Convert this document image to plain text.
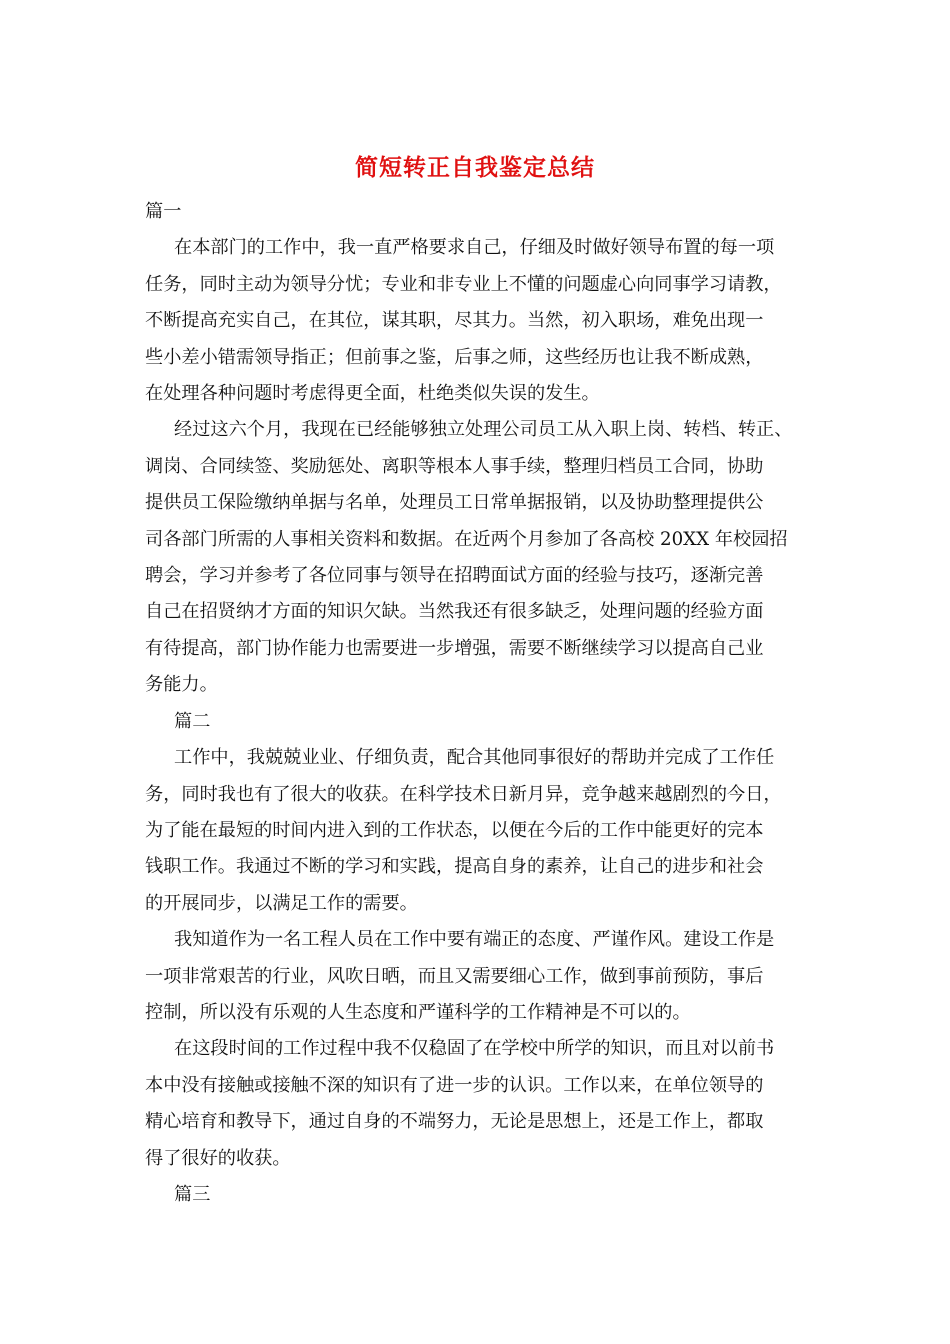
简短转正自我鉴定总结

篇一

在本部门的工作中，我一直严格要求自己，仔细及时做好领导布置的每一项
任务，同时主动为领导分忧；专业和非专业上不懂的问题虚心向同事学习请教，
不断提高充实自己，在其位，谋其职，尽其力。当然，初入职场，难免出现一
些小差小错需领导指正；但前事之鉴，后事之师，这些经历也让我不断成熟，
在处理各种问题时考虑得更全面，杜绝类似失误的发生。

经过这六个月，我现在已经能够独立处理公司员工从入职上岗、转档、转正、
调岗、合同续签、奖励惩处、离职等根本人事手续，整理归档员工合同，协助
提供员工保险缴纳单据与名单，处理员工日常单据报销，以及协助整理提供公
司各部门所需的人事相关资料和数据。在近两个月参加了各高校 20XX 年校园招
聘会，学习并参考了各位同事与领导在招聘面试方面的经验与技巧，逐渐完善
自己在招贤纳才方面的知识欠缺。当然我还有很多缺乏，处理问题的经验方面
有待提高，部门协作能力也需要进一步增强，需要不断继续学习以提高自己业
务能力。

篇二

工作中，我兢兢业业、仔细负责，配合其他同事很好的帮助并完成了工作任
务，同时我也有了很大的收获。在科学技术日新月异，竞争越来越剧烈的今日，
为了能在最短的时间内进入到的工作状态，以便在今后的工作中能更好的完本
钱职工作。我通过不断的学习和实践，提高自身的素养，让自己的进步和社会
的开展同步，以满足工作的需要。

我知道作为一名工程人员在工作中要有端正的态度、严谨作风。建设工作是
一项非常艰苦的行业，风吹日晒，而且又需要细心工作，做到事前预防，事后
控制，所以没有乐观的人生态度和严谨科学的工作精神是不可以的。

在这段时间的工作过程中我不仅稳固了在学校中所学的知识，而且对以前书
本中没有接触或接触不深的知识有了进一步的认识。工作以来，在单位领导的
精心培育和教导下，通过自身的不端努力，无论是思想上，还是工作上，都取
得了很好的收获。

篇三
